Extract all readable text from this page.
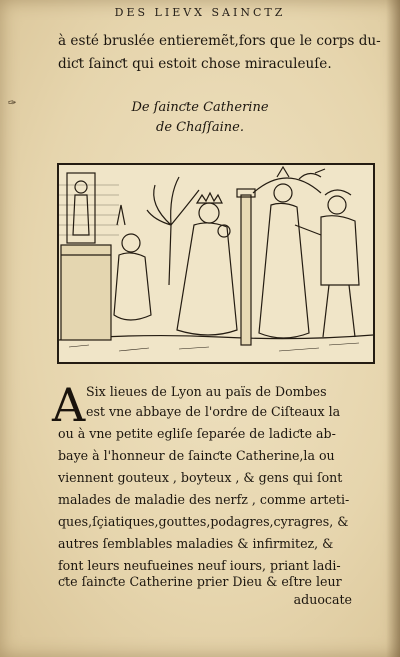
DES LIEVX SAINCTZ
à esté bruslée entieremẽt,fors que le corps du-
diƈt ſainƈt qui estoit chose miraculeuſe.
✑	De ſainƈte Catherine
de Chaſſaine.
A Six lieues de Lyon au païs de Dombes
est vne abbaye de l'ordre de Ciſteaux la
ou à vne petite egliſe ſeparée de ladiƈte ab-
baye à l'honneur de ſainƈte Catherine,la ou
viennent gouteux , boyteux , & gens qui ſont
malades de maladie des nerfz , comme arteti-
ques,ſçiatiques,gouttes,podagres,cyragres, &
autres ſemblables maladies & infirmitez, &
font leurs neufueines neuf iours, priant ladi-
ƈte ſainƈte Catherine prier Dieu & eſtre leur
aduocate
